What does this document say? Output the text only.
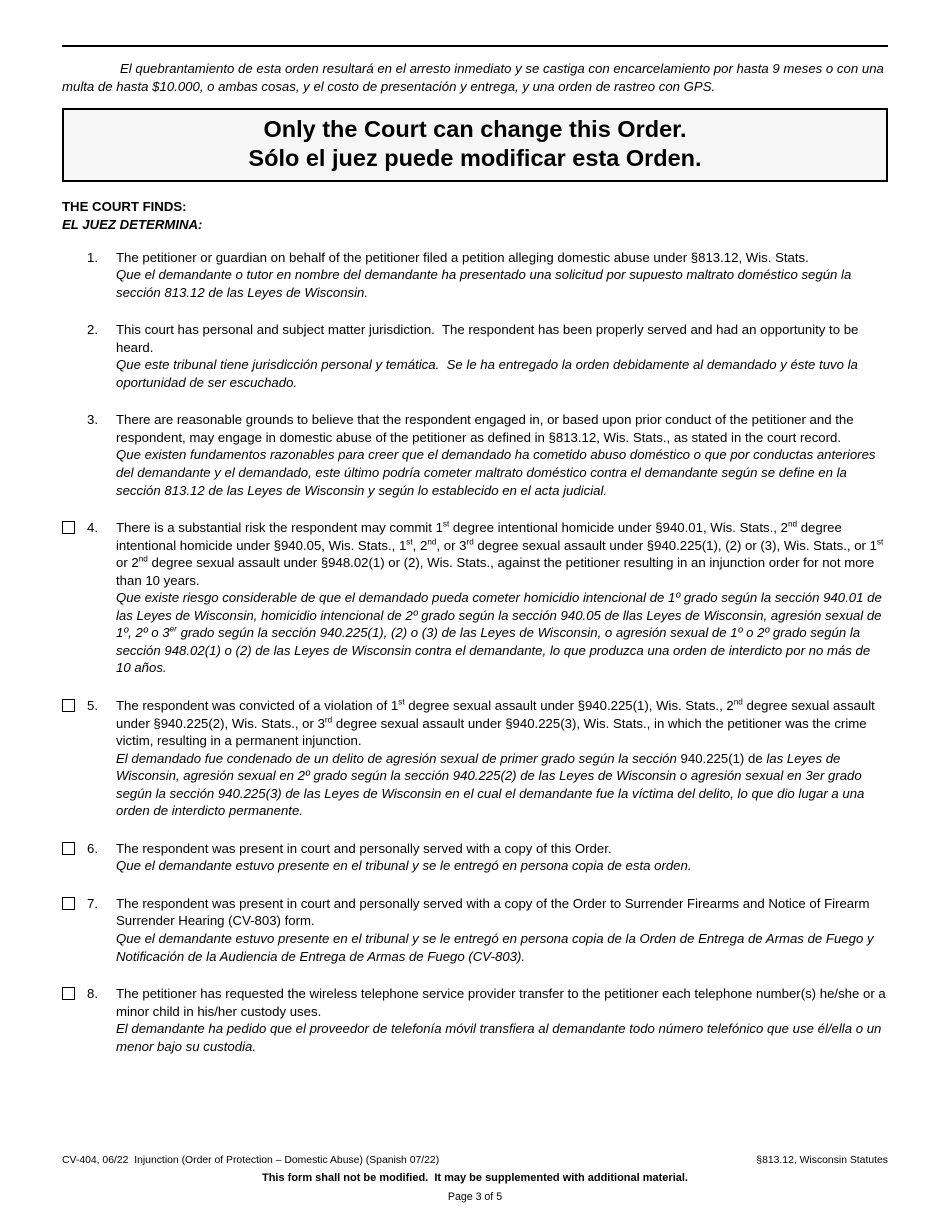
El quebrantamiento de esta orden resultará en el arresto inmediato y se castiga con encarcelamiento por hasta 9 meses o con una multa de hasta $10.000, o ambas cosas, y el costo de presentación y entrega, y una orden de rastreo con GPS.

Only the Court can change this Order.
Sólo el juez puede modificar esta Orden.
THE COURT FINDS:
EL JUEZ DETERMINA:
1.	The petitioner or guardian on behalf of the petitioner filed a petition alleging domestic abuse under §813.12, Wis. Stats.
Que el demandante o tutor en nombre del demandante ha presentado una solicitud por supuesto maltrato doméstico según la sección 813.12 de las Leyes de Wisconsin.
2.	This court has personal and subject matter jurisdiction.  The respondent has been properly served and had an opportunity to be heard.
Que este tribunal tiene jurisdicción personal y temática.  Se le ha entregado la orden debidamente al demandado y éste tuvo la oportunidad de ser escuchado.
3.	There are reasonable grounds to believe that the respondent engaged in, or based upon prior conduct of the petitioner and the respondent, may engage in domestic abuse of the petitioner as defined in §813.12, Wis. Stats., as stated in the court record.
Que existen fundamentos razonables para creer que el demandado ha cometido abuso doméstico o que por conductas anteriores del demandante y el demandado, este último podría cometer maltrato doméstico contra el demandante según se define en la sección 813.12 de las Leyes de Wisconsin y según lo establecido en el acta judicial.
4.	There is a substantial risk the respondent may commit 1st degree intentional homicide under §940.01, Wis. Stats., 2nd degree intentional homicide under §940.05, Wis. Stats., 1st, 2nd, or 3rd degree sexual assault under §940.225(1), (2) or (3), Wis. Stats., or 1st or 2nd degree sexual assault under §948.02(1) or (2), Wis. Stats., against the petitioner resulting in an injunction order for not more than 10 years.
Que existe riesgo considerable de que el demandado pueda cometer homicidio intencional de 1º grado según la sección 940.01 de las Leyes de Wisconsin, homicidio intencional de 2º grado según la sección 940.05 de llas Leyes de Wisconsin, agresión sexual de 1º, 2º o 3er grado según la sección 940.225(1), (2) o (3) de las Leyes de Wisconsin, o agresión sexual de 1º o 2º grado según la sección 948.02(1) o (2) de las Leyes de Wisconsin contra el demandante, lo que produzca una orden de interdicto por no más de 10 años.
5.	The respondent was convicted of a violation of 1st degree sexual assault under §940.225(1), Wis. Stats., 2nd degree sexual assault under §940.225(2), Wis. Stats., or 3rd degree sexual assault under §940.225(3), Wis. Stats., in which the petitioner was the crime victim, resulting in a permanent injunction.
El demandado fue condenado de un delito de agresión sexual de primer grado según la sección 940.225(1) de las Leyes de Wisconsin, agresión sexual en 2º grado según la sección 940.225(2) de las Leyes de Wisconsin o agresión sexual en 3er grado según la sección 940.225(3) de las Leyes de Wisconsin en el cual el demandante fue la víctima del delito, lo que dio lugar a una orden de interdicto permanente.
6.	The respondent was present in court and personally served with a copy of this Order.
Que el demandante estuvo presente en el tribunal y se le entregó en persona copia de esta orden.
7.	The respondent was present in court and personally served with a copy of the Order to Surrender Firearms and Notice of Firearm Surrender Hearing (CV-803) form.
Que el demandante estuvo presente en el tribunal y se le entregó en persona copia de la Orden de Entrega de Armas de Fuego y Notificación de la Audiencia de Entrega de Armas de Fuego (CV-803).
8.	The petitioner has requested the wireless telephone service provider transfer to the petitioner each telephone number(s) he/she or a minor child in his/her custody uses.
El demandante ha pedido que el proveedor de telefonía móvil transfiera al demandante todo número telefónico que use él/ella o un menor bajo su custodia.
CV-404, 06/22  Injunction (Order of Protection – Domestic Abuse) (Spanish 07/22)	§813.12, Wisconsin Statutes
This form shall not be modified.  It may be supplemented with additional material.
Page 3 of 5
